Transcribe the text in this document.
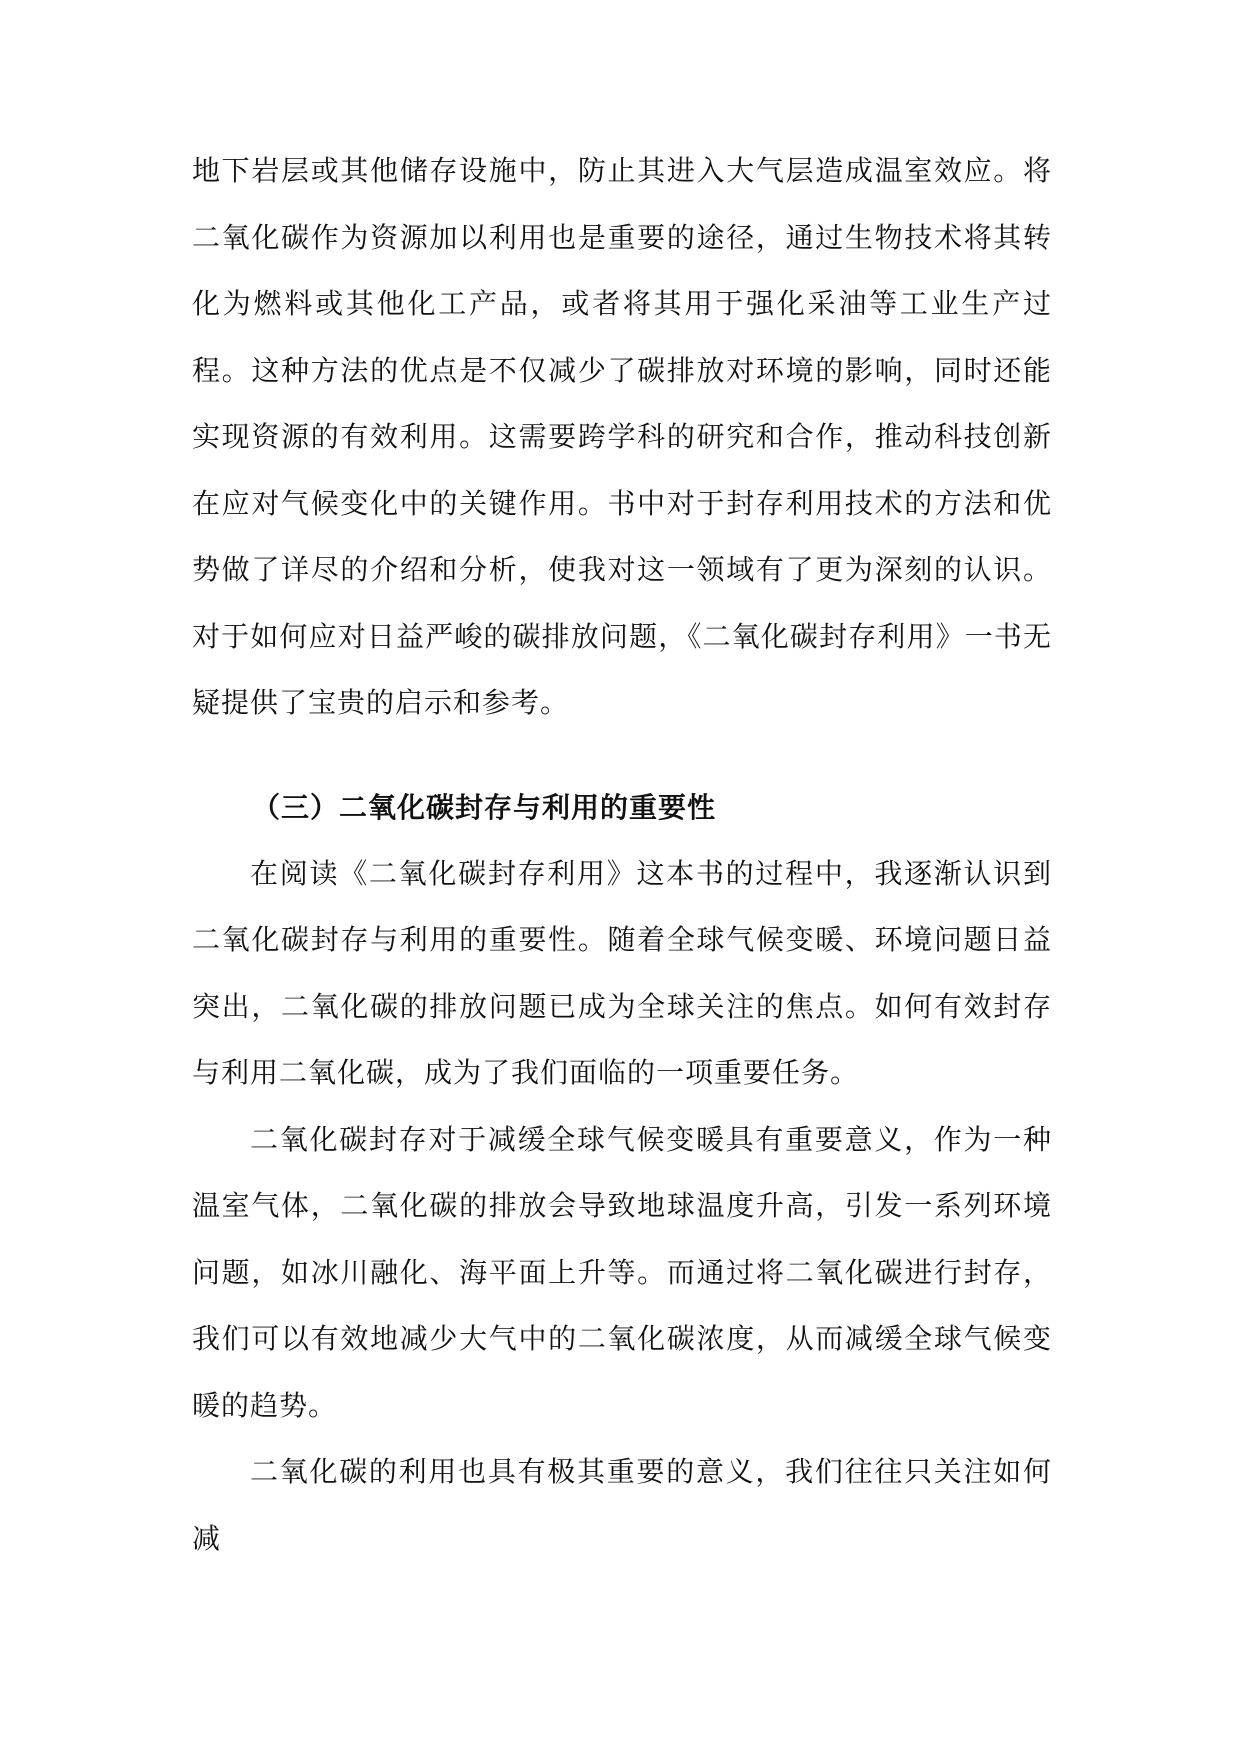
地下岩层或其他储存设施中，防止其进入大气层造成温室效应。将二氧化碳作为资源加以利用也是重要的途径，通过生物技术将其转化为燃料或其他化工产品，或者将其用于强化采油等工业生产过程。这种方法的优点是不仅减少了碳排放对环境的影响，同时还能实现资源的有效利用。这需要跨学科的研究和合作，推动科技创新在应对气候变化中的关键作用。书中对于封存利用技术的方法和优势做了详尽的介绍和分析，使我对这一领域有了更为深刻的认识。对于如何应对日益严峻的碳排放问题，《二氧化碳封存利用》一书无疑提供了宝贵的启示和参考。

（三）二氧化碳封存与利用的重要性

在阅读《二氧化碳封存利用》这本书的过程中，我逐渐认识到二氧化碳封存与利用的重要性。随着全球气候变暖、环境问题日益突出，二氧化碳的排放问题已成为全球关注的焦点。如何有效封存与利用二氧化碳，成为了我们面临的一项重要任务。

二氧化碳封存对于减缓全球气候变暖具有重要意义，作为一种温室气体，二氧化碳的排放会导致地球温度升高，引发一系列环境问题，如冰川融化、海平面上升等。而通过将二氧化碳进行封存，我们可以有效地减少大气中的二氧化碳浓度，从而减缓全球气候变暖的趋势。

二氧化碳的利用也具有极其重要的意义，我们往往只关注如何减
